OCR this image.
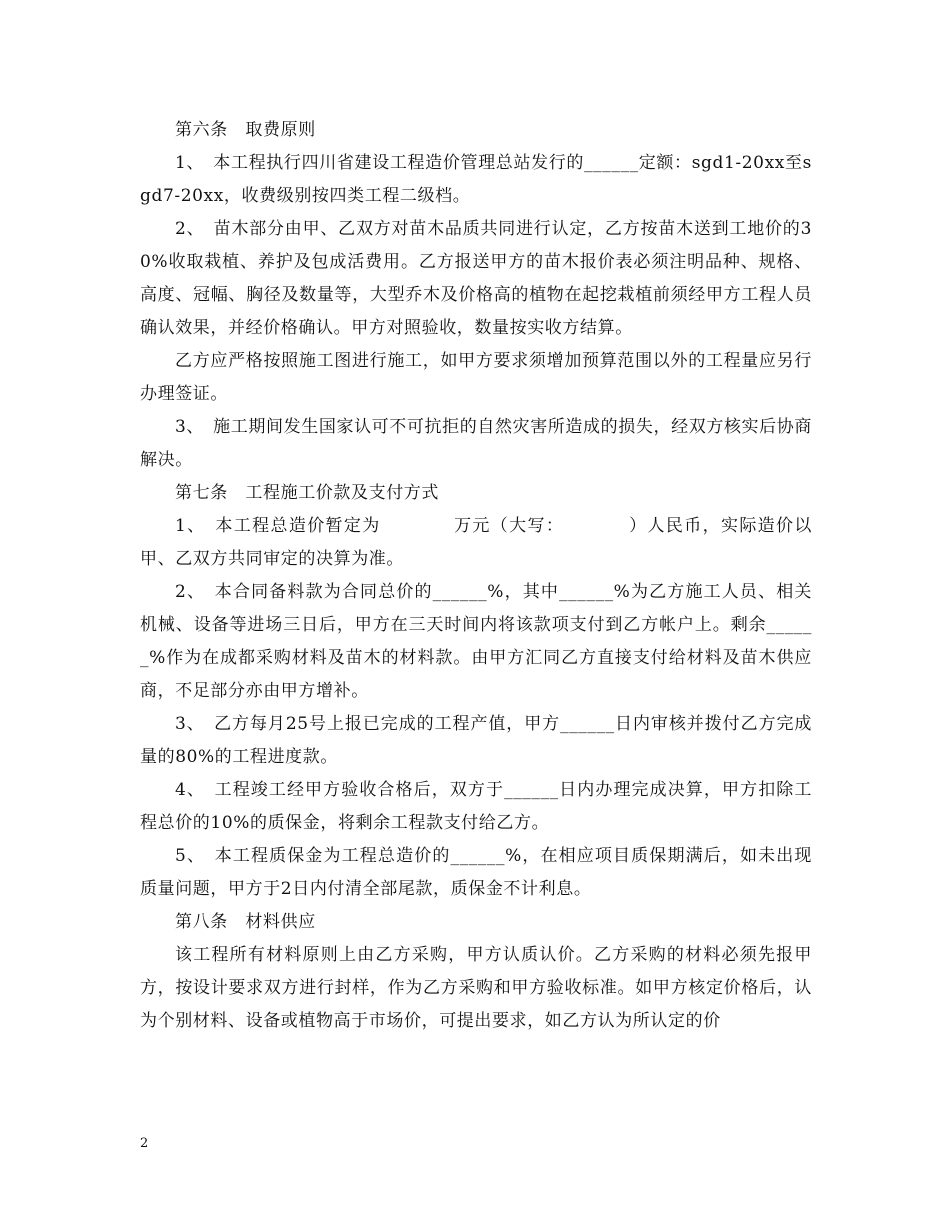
第六条　取费原则

1、　本工程执行四川省建设工程造价管理总站发行的______定额：sgd1-20xx至sgd7-20xx，收费级别按四类工程二级档。

2、　苗木部分由甲、乙双方对苗木品质共同进行认定，乙方按苗木送到工地价的30%收取栽植、养护及包成活费用。乙方报送甲方的苗木报价表必须注明品种、规格、高度、冠幅、胸径及数量等，大型乔木及价格高的植物在起挖栽植前须经甲方工程人员确认效果，并经价格确认。甲方对照验收，数量按实收方结算。

乙方应严格按照施工图进行施工，如甲方要求须增加预算范围以外的工程量应另行办理签证。

3、　施工期间发生国家认可不可抗拒的自然灾害所造成的损失，经双方核实后协商解决。

第七条　工程施工价款及支付方式

1、　本工程总造价暂定为　　　　万元（大写：　　　　）人民币，实际造价以甲、乙双方共同审定的决算为准。

2、　本合同备料款为合同总价的______%，其中______%为乙方施工人员、相关机械、设备等进场三日后，甲方在三天时间内将该款项支付到乙方帐户上。剩余______%作为在成都采购材料及苗木的材料款。由甲方汇同乙方直接支付给材料及苗木供应商，不足部分亦由甲方增补。

3、　乙方每月25号上报已完成的工程产值，甲方______日内审核并拨付乙方完成量的80%的工程进度款。

4、　工程竣工经甲方验收合格后，双方于______日内办理完成决算，甲方扣除工程总价的10%的质保金，将剩余工程款支付给乙方。

5、　本工程质保金为工程总造价的______%，在相应项目质保期满后，如未出现质量问题，甲方于2日内付清全部尾款，质保金不计利息。

第八条　材料供应

该工程所有材料原则上由乙方采购，甲方认质认价。乙方采购的材料必须先报甲方，按设计要求双方进行封样，作为乙方采购和甲方验收标准。如甲方核定价格后，认为个别材料、设备或植物高于市场价，可提出要求，如乙方认为所认定的价

2
